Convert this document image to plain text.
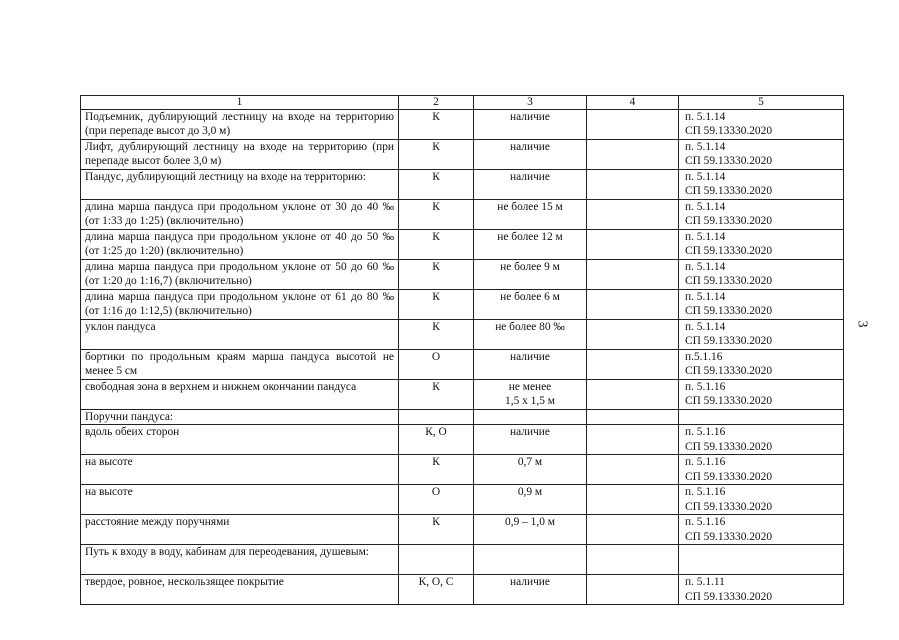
1	2	3	4	5
Подъемник, дублирующий лестницу на входе на территорию (при перепаде высот до 3,0 м)	К	наличие		п. 5.1.14
СП 59.13330.2020
Лифт, дублирующий лестницу на входе на территорию (при перепаде высот более 3,0 м)	К	наличие		п. 5.1.14
СП 59.13330.2020
Пандус, дублирующий лестницу на входе на территорию:	К	наличие		п. 5.1.14
СП 59.13330.2020
длина марша пандуса при продольном уклоне от 30 до 40 ‰ (от 1:33 до 1:25) (включительно)	К	не более 15 м		п. 5.1.14
СП 59.13330.2020
длина марша пандуса при продольном уклоне от 40 до 50 ‰ (от 1:25 до 1:20) (включительно)	К	не более 12 м		п. 5.1.14
СП 59.13330.2020
длина марша пандуса при продольном уклоне от 50 до 60 ‰ (от 1:20 до 1:16,7) (включительно)	К	не более 9 м		п. 5.1.14
СП 59.13330.2020
длина марша пандуса при продольном уклоне от 61 до 80 ‰ (от 1:16 до 1:12,5) (включительно)	К	не более 6 м		п. 5.1.14
СП 59.13330.2020
уклон пандуса	К	не более 80 ‰		п. 5.1.14
СП 59.13330.2020
бортики по продольным краям марша пандуса высотой не менее 5 см	О	наличие		п.5.1.16
СП 59.13330.2020
свободная зона в верхнем и нижнем окончании пандуса	К	не менее
1,5 х 1,5 м		п. 5.1.16
СП 59.13330.2020
Поручни пандуса:				
вдоль обеих сторон	К, О	наличие		п. 5.1.16
СП 59.13330.2020
на высоте	К	0,7 м		п. 5.1.16
СП 59.13330.2020
на высоте	О	0,9 м		п. 5.1.16
СП 59.13330.2020
расстояние между поручнями	К	0,9 – 1,0 м		п. 5.1.16
СП 59.13330.2020
Путь к входу в воду, кабинам для переодевания, душевым:				
твердое, ровное, нескользящее покрытие	К, О, С	наличие		п. 5.1.11
СП 59.13330.2020
3
